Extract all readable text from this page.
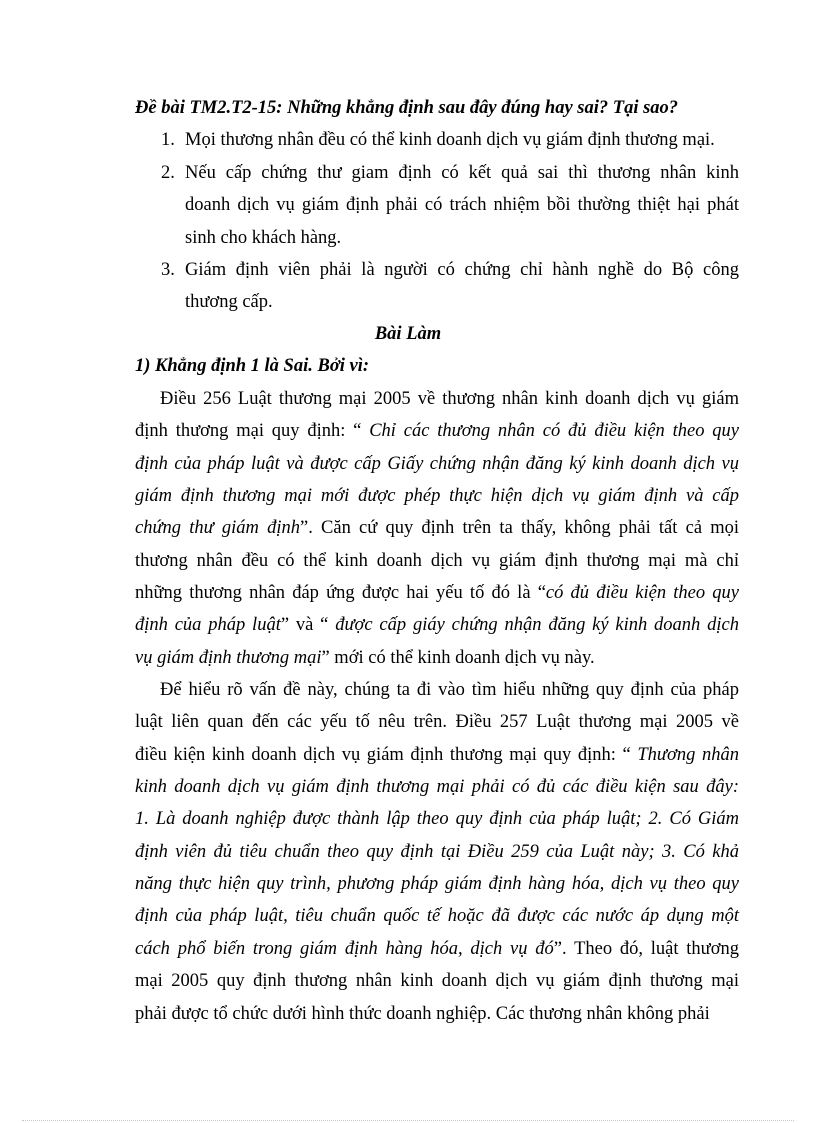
Đề bài TM2.T2-15: Những khẳng định sau đây đúng hay sai? Tại sao?
1. Mọi thương nhân đều có thể kinh doanh dịch vụ giám định thương mại.
2. Nếu cấp chứng thư giam định có kết quả sai thì thương nhân kinh
doanh dịch vụ giám định phải có trách nhiệm bồi thường thiệt hại phát
sinh cho khách hàng.
3. Giám định viên phải là người có chứng chỉ hành nghề do Bộ công
thương cấp.
Bài Làm
1) Khẳng định 1 là Sai. Bởi vì:
Điều 256 Luật thương mại 2005 về thương nhân kinh doanh dịch vụ giám
định thương mại quy định: “ Chỉ các thương nhân có đủ điều kiện theo quy
định của pháp luật và được cấp Giấy chứng nhận đăng ký kinh doanh dịch vụ
giám định thương mại mới được phép thực hiện dịch vụ giám định và cấp
chứng thư giám định”. Căn cứ quy định trên ta thấy, không phải tất cả mọi
thương nhân đều có thể kinh doanh dịch vụ giám định thương mại mà chỉ
những thương nhân đáp ứng được hai yếu tố đó là “có đủ điều kiện theo quy
định của pháp luật” và “ được cấp giáy chứng nhận đăng ký kinh doanh dịch
vụ giám định thương mại” mới có thể kinh doanh dịch vụ này.
Để hiểu rõ vấn đề này, chúng ta đi vào tìm hiểu những quy định của pháp
luật liên quan đến các yếu tố nêu trên. Điều 257 Luật thương mại 2005 về
điều kiện kinh doanh dịch vụ giám định thương mại quy định: “ Thương nhân
kinh doanh dịch vụ giám định thương mại phải có đủ các điều kiện sau đây:
1. Là doanh nghiệp được thành lập theo quy định của pháp luật; 2. Có Giám
định viên đủ tiêu chuẩn theo quy định tại Điều 259 của Luật này; 3. Có khả
năng thực hiện quy trình, phương pháp giám định hàng hóa, dịch vụ theo quy
định của pháp luật, tiêu chuẩn quốc tế hoặc đã được các nước áp dụng một
cách phổ biến trong giám định hàng hóa, dịch vụ đó”. Theo đó, luật thương
mại 2005 quy định thương nhân kinh doanh dịch vụ giám định thương mại
phải được tổ chức dưới hình thức doanh nghiệp. Các thương nhân không phải
